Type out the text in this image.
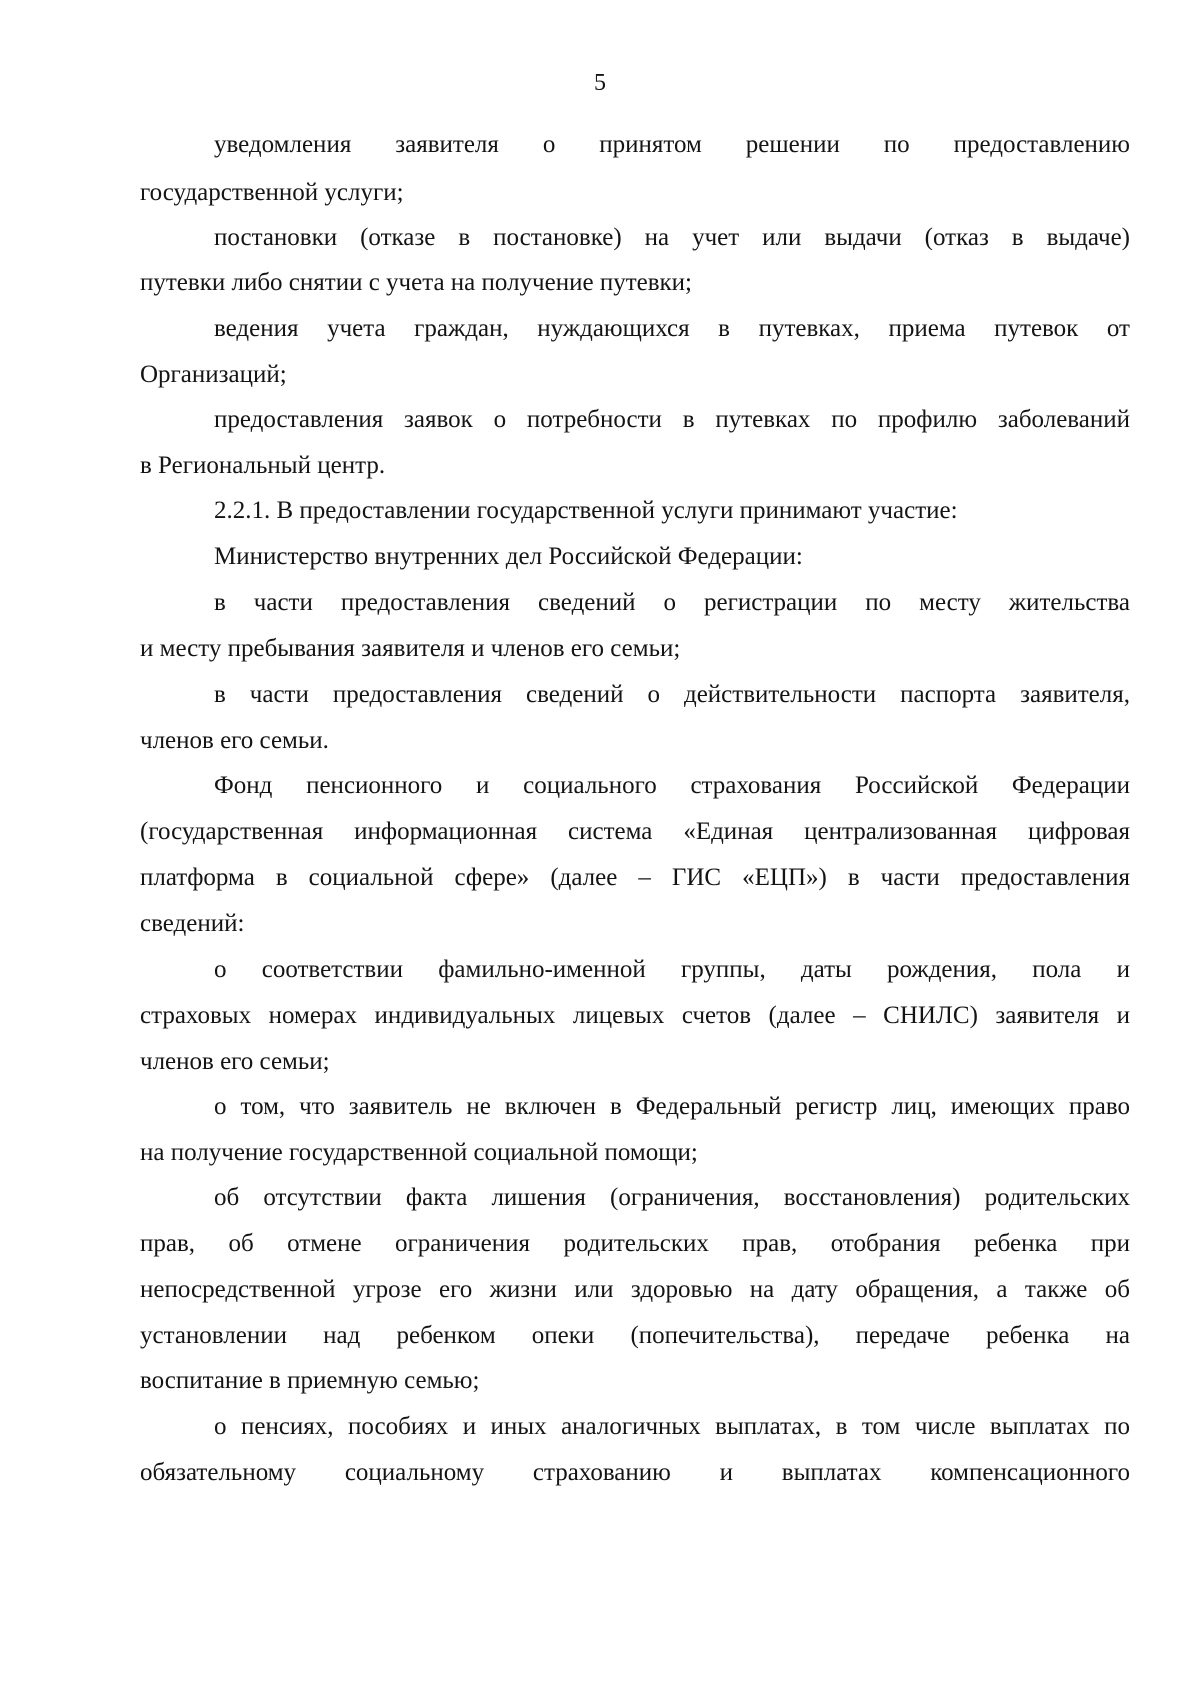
5
уведомления заявителя о принятом решении по предоставлению
государственной услуги;
постановки (отказе в постановке) на учет или выдачи (отказ в выдаче)
путевки либо снятии с учета на получение путевки;
ведения учета граждан, нуждающихся в путевках, приема путевок от
Организаций;
предоставления заявок о потребности в путевках по профилю заболеваний
в Региональный центр.
2.2.1. В предоставлении государственной услуги принимают участие:
Министерство внутренних дел Российской Федерации:
в части предоставления сведений о регистрации по месту жительства
и месту пребывания заявителя и членов его семьи;
в части предоставления сведений о действительности паспорта заявителя,
членов его семьи.
Фонд пенсионного и социального страхования Российской Федерации
(государственная информационная система «Единая централизованная цифровая
платформа в социальной сфере» (далее – ГИС «ЕЦП») в части предоставления
сведений:
о соответствии фамильно-именной группы, даты рождения, пола и
страховых номерах индивидуальных лицевых счетов (далее – СНИЛС) заявителя и
членов его семьи;
о том, что заявитель не включен в Федеральный регистр лиц, имеющих право
на получение государственной социальной помощи;
об отсутствии факта лишения (ограничения, восстановления) родительских
прав, об отмене ограничения родительских прав, отобрания ребенка при
непосредственной угрозе его жизни или здоровью на дату обращения, а также об
установлении над ребенком опеки (попечительства), передаче ребенка на
воспитание в приемную семью;
о пенсиях, пособиях и иных аналогичных выплатах, в том числе выплатах по
обязательному социальному страхованию и выплатах компенсационного
